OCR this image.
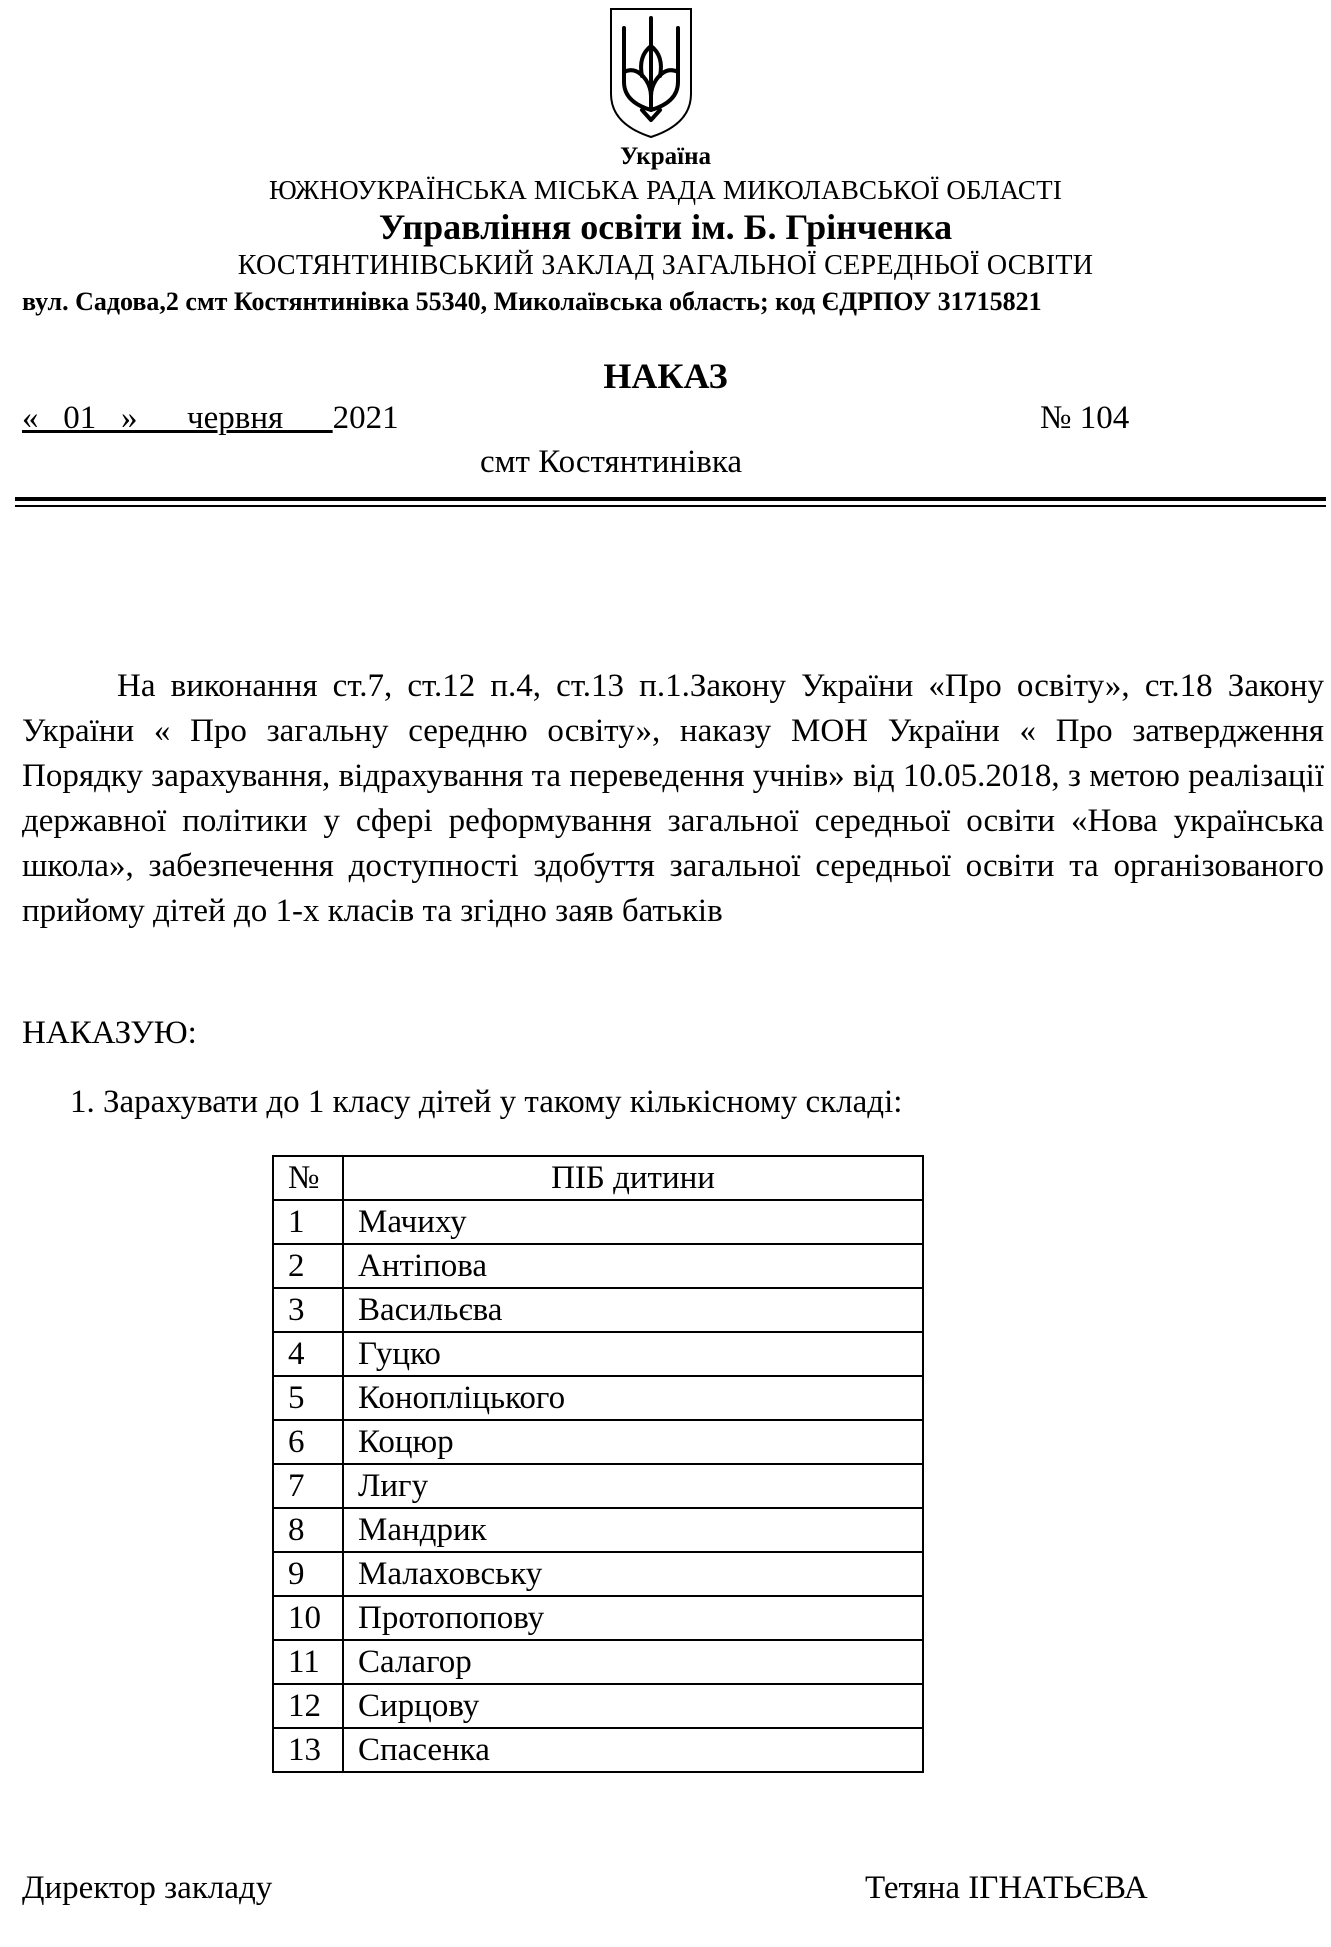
Україна
ЮЖНОУКРАЇНСЬКА МІСЬКА РАДА МИКОЛАВСЬКОЇ ОБЛАСТІ
Управління освіти ім. Б. Грінченка
КОСТЯНТИНІВСЬКИЙ ЗАКЛАД ЗАГАЛЬНОЇ СЕРЕДНЬОЇ ОСВІТИ
вул. Садова,2 смт Костянтинівка 55340, Миколаївська область; код ЄДРПОУ 31715821
НАКАЗ
«   01   »      червня      2021	№ 104
смт Костянтинівка
На виконання ст.7, ст.12 п.4, ст.13 п.1.Закону України «Про освіту», ст.18 Закону України « Про загальну середню освіту», наказу МОН України « Про затвердження Порядку зарахування, відрахування та переведення учнів» від 10.05.2018, з метою реалізації державної політики у сфері реформування загальної середньої освіти «Нова українська школа», забезпечення доступності здобуття загальної середньої освіти та організованого прийому дітей до 1-х класів та згідно заяв батьків
НАКАЗУЮ:
1. Зарахувати до 1 класу дітей у такому кількісному складі:
№	ПІБ дитини
1	Мачиху
2	Антіпова
3	Васильєва
4	Гуцко
5	Конопліцького
6	Коцюр
7	Лигу
8	Мандрик
9	Малаховську
10	Протопопову
11	Салагор
12	Сирцову
13	Спасенка
Директор закладу	Тетяна ІГНАТЬЄВА
